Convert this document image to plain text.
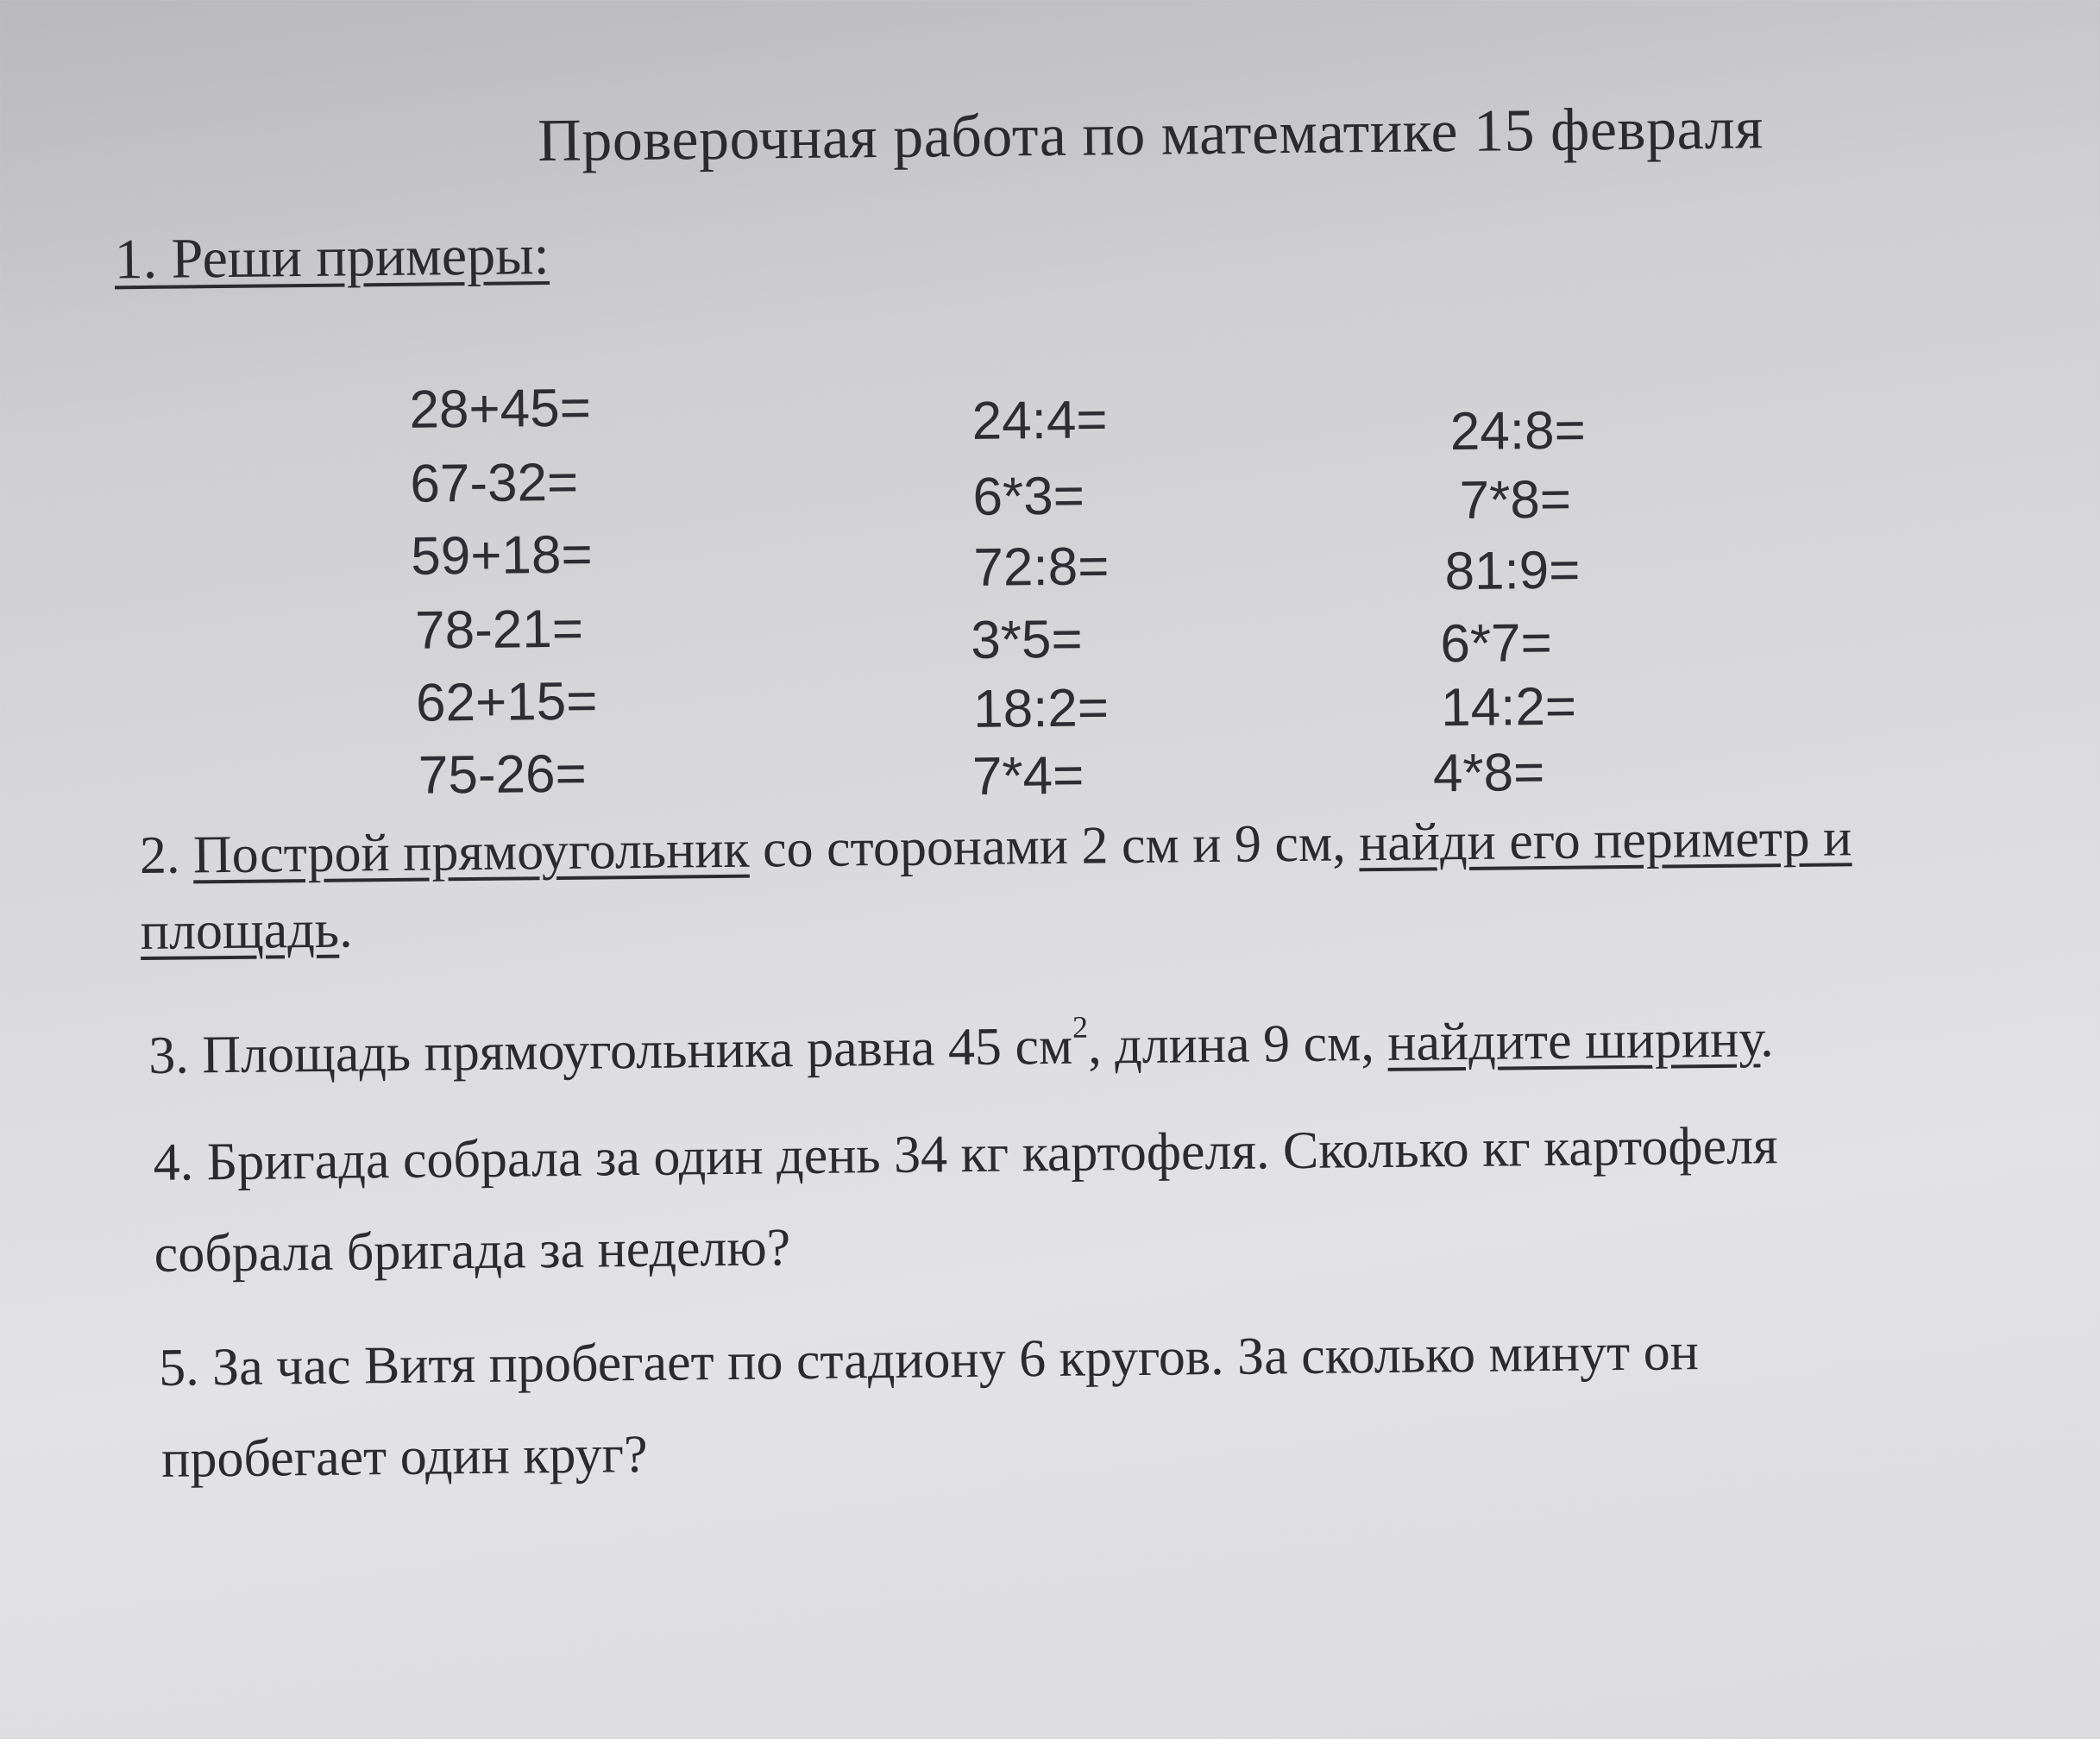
Проверочная работа по математике 15 февраля
1. Реши примеры:
28+45=
67-32=
59+18=
78-21=
62+15=
75-26=
24:4=
6*3=
72:8=
3*5=
18:2=
7*4=
24:8=
7*8=
81:9=
6*7=
14:2=
4*8=
2. Построй прямоугольник со сторонами 2 см и 9 см, найди его периметр и
площадь.
3. Площадь прямоугольника равна 45 $см^2$, длина 9 см, найдите ширину.
4. Бригада собрала за один день 34 кг картофеля. Сколько кг картофеля
собрала бригада за неделю?
5. За час Витя пробегает по стадиону 6 кругов. За сколько минут он
пробегает один круг?
